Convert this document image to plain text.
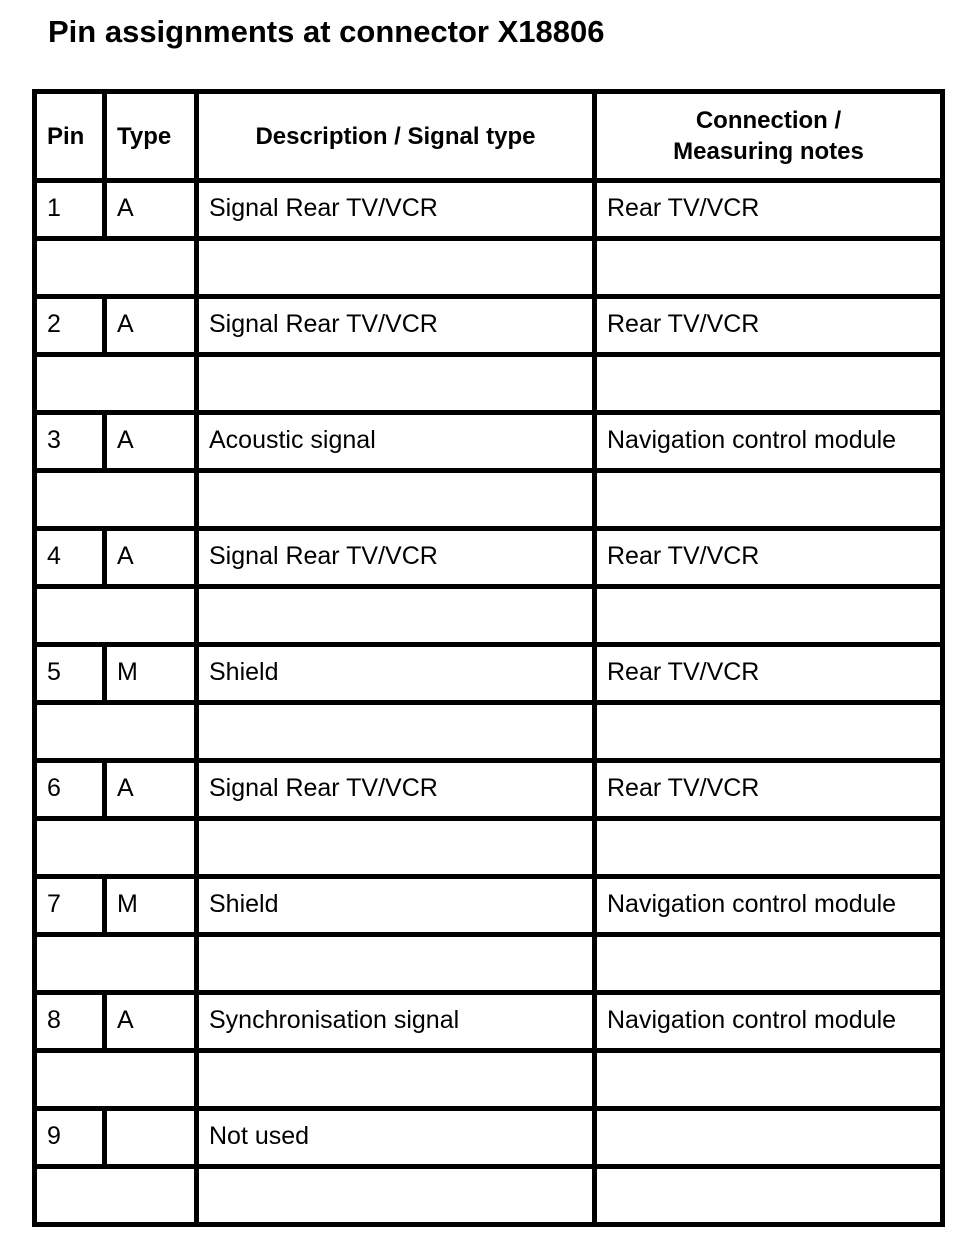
Pin assignments at connector X18806
Pin	Type	Description / Signal type	Connection /
Measuring notes

1	A	Signal Rear TV/VCR	Rear TV/VCR

2	A	Signal Rear TV/VCR	Rear TV/VCR

3	A	Acoustic signal	Navigation control module

4	A	Signal Rear TV/VCR	Rear TV/VCR

5	M	Shield	Rear TV/VCR

6	A	Signal Rear TV/VCR	Rear TV/VCR

7	M	Shield	Navigation control module

8	A	Synchronisation signal	Navigation control module

9		Not used	
